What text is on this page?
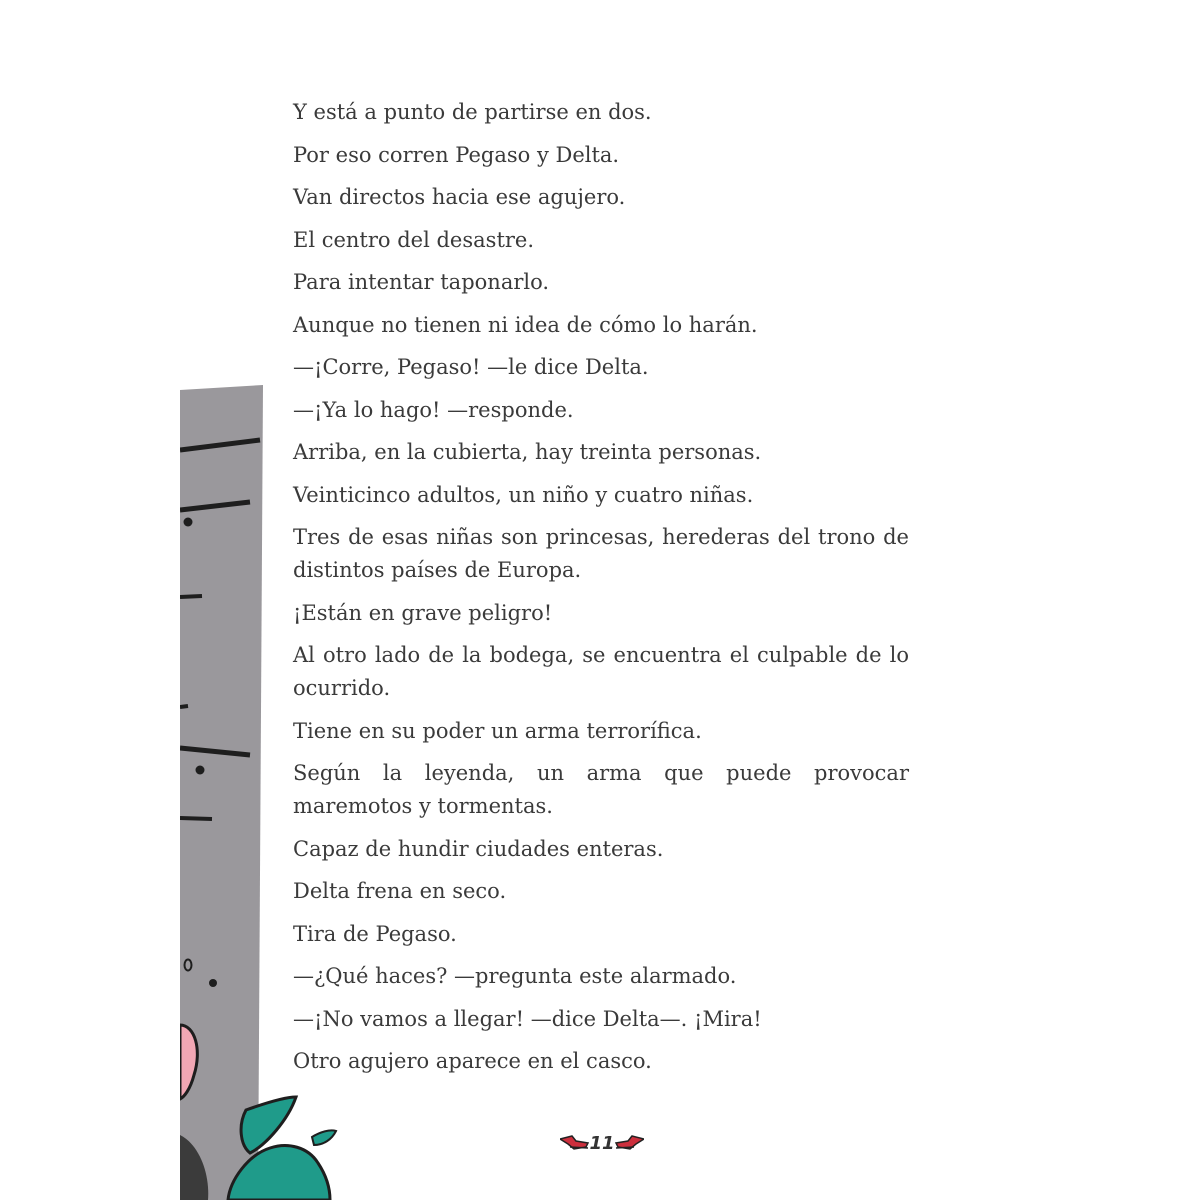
Y está a punto de partirse en dos.

Por eso corren Pegaso y Delta.

Van directos hacia ese agujero.

El centro del desastre.

Para intentar taponarlo.

Aunque no tienen ni idea de cómo lo harán.

—¡Corre, Pegaso! —le dice Delta.

—¡Ya lo hago! —responde.

Arriba, en la cubierta, hay treinta personas.

Veinticinco adultos, un niño y cuatro niñas.

Tres de esas niñas son princesas, herederas del trono de distintos países de Europa.

¡Están en grave peligro!

Al otro lado de la bodega, se encuentra el culpable de lo ocurrido.

Tiene en su poder un arma terrorífica.

Según la leyenda, un arma que puede provocar maremotos y tormentas.

Capaz de hundir ciudades enteras.

Delta frena en seco.

Tira de Pegaso.

—¿Qué haces? —pregunta este alarmado.

—¡No vamos a llegar! —dice Delta—. ¡Mira!

Otro agujero aparece en el casco.

11
